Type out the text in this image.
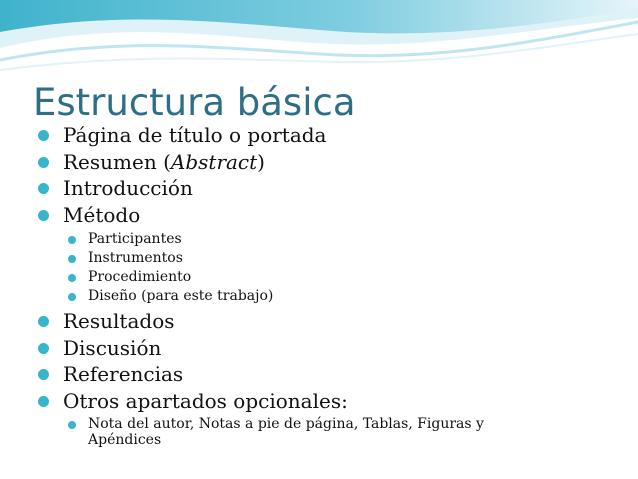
Estructura básica
Página de título o portada
Resumen (Abstract)
Introducción
Método
Participantes
Instrumentos
Procedimiento
Diseño (para este trabajo)
Resultados
Discusión
Referencias
Otros apartados opcionales:
Nota del autor, Notas a pie de página, Tablas, Figuras y Apéndices
